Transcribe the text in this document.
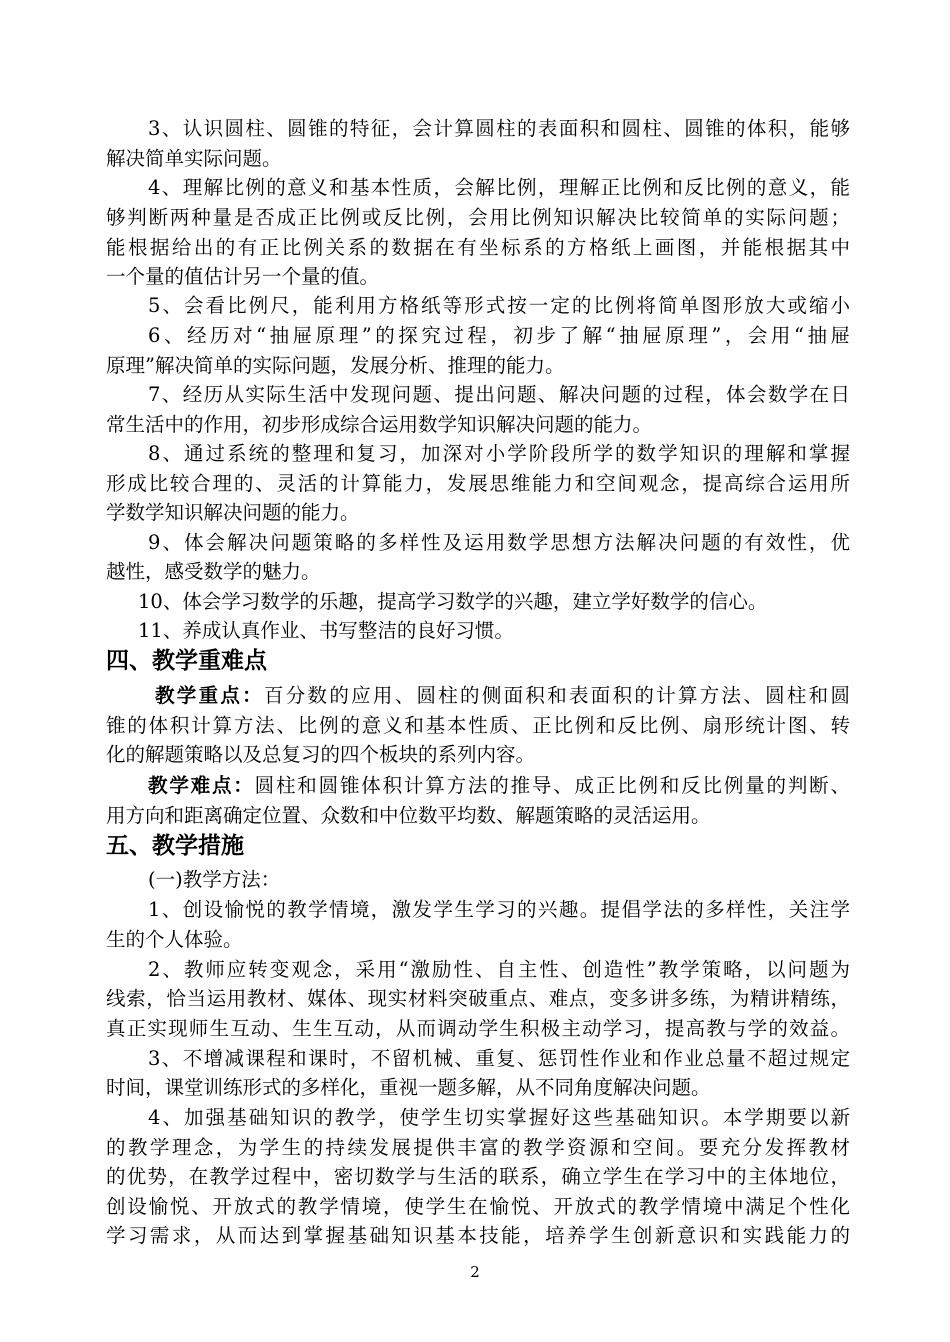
3、认识圆柱、圆锥的特征，会计算圆柱的表面积和圆柱、圆锥的体积，能够
解决简单实际问题。
4、理解比例的意义和基本性质，会解比例，理解正比例和反比例的意义，能
够判断两种量是否成正比例或反比例，会用比例知识解决比较简单的实际问题；
能根据给出的有正比例关系的数据在有坐标系的方格纸上画图，并能根据其中
一个量的值估计另一个量的值。
5、会看比例尺，能利用方格纸等形式按一定的比例将简单图形放大或缩小
6、经历对“抽屉原理”的探究过程，初步了解“抽屉原理”，会用“抽屉
原理”解决简单的实际问题，发展分析、推理的能力。
7、经历从实际生活中发现问题、提出问题、解决问题的过程，体会数学在日
常生活中的作用，初步形成综合运用数学知识解决问题的能力。
8、通过系统的整理和复习，加深对小学阶段所学的数学知识的理解和掌握
形成比较合理的、灵活的计算能力，发展思维能力和空间观念，提高综合运用所
学数学知识解决问题的能力。
9、体会解决问题策略的多样性及运用数学思想方法解决问题的有效性，优
越性，感受数学的魅力。
10、体会学习数学的乐趣，提高学习数学的兴趣，建立学好数学的信心。
11、养成认真作业、书写整洁的良好习惯。
四、教学重难点
教学重点：百分数的应用、圆柱的侧面积和表面积的计算方法、圆柱和圆
锥的体积计算方法、比例的意义和基本性质、正比例和反比例、扇形统计图、转
化的解题策略以及总复习的四个板块的系列内容。
教学难点：圆柱和圆锥体积计算方法的推导、成正比例和反比例量的判断、
用方向和距离确定位置、众数和中位数平均数、解题策略的灵活运用。
五、教学措施
(一)教学方法：
1、创设愉悦的教学情境，激发学生学习的兴趣。提倡学法的多样性，关注学
生的个人体验。
2、教师应转变观念，采用“激励性、自主性、创造性”教学策略，以问题为
线索，恰当运用教材、媒体、现实材料突破重点、难点，变多讲多练，为精讲精练，
真正实现师生互动、生生互动，从而调动学生积极主动学习，提高教与学的效益。
3、不增减课程和课时，不留机械、重复、惩罚性作业和作业总量不超过规定
时间，课堂训练形式的多样化，重视一题多解，从不同角度解决问题。
4、加强基础知识的教学，使学生切实掌握好这些基础知识。本学期要以新
的教学理念，为学生的持续发展提供丰富的教学资源和空间。要充分发挥教材
的优势，在教学过程中，密切数学与生活的联系，确立学生在学习中的主体地位，
创设愉悦、开放式的教学情境，使学生在愉悦、开放式的教学情境中满足个性化
学习需求，从而达到掌握基础知识基本技能，培养学生创新意识和实践能力的
2
